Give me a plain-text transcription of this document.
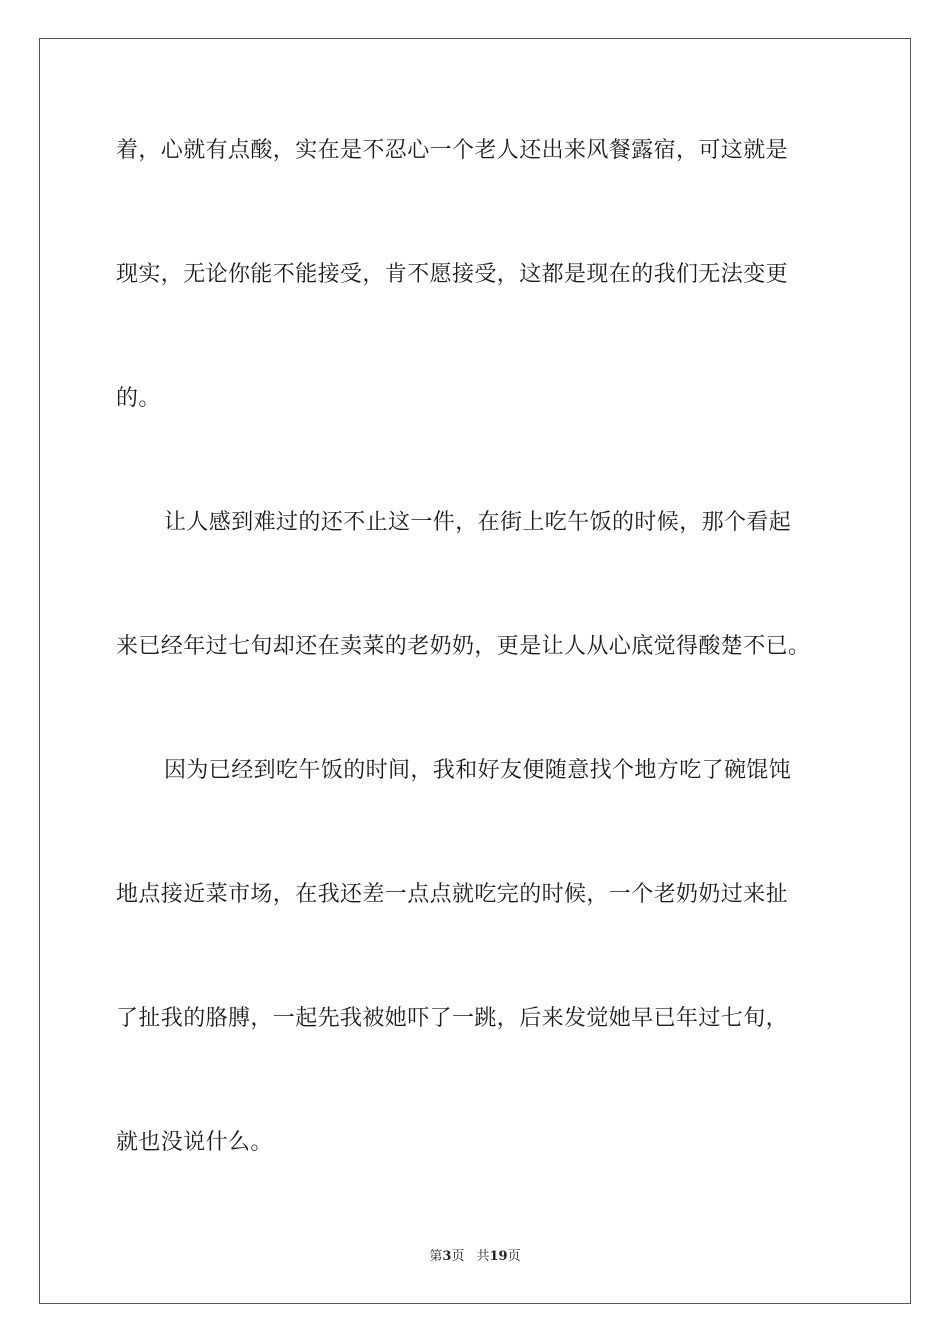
着，心就有点酸，实在是不忍心一个老人还出来风餐露宿，可这就是
现实，无论你能不能接受，肯不愿接受，这都是现在的我们无法变更
的。
让人感到难过的还不止这一件，在街上吃午饭的时候，那个看起
来已经年过七旬却还在卖菜的老奶奶，更是让人从心底觉得酸楚不已。
因为已经到吃午饭的时间，我和好友便随意找个地方吃了碗馄饨
地点接近菜市场，在我还差一点点就吃完的时候，一个老奶奶过来扯
了扯我的胳膊，一起先我被她吓了一跳，后来发觉她早已年过七旬，
就也没说什么。
第3页 共19页
